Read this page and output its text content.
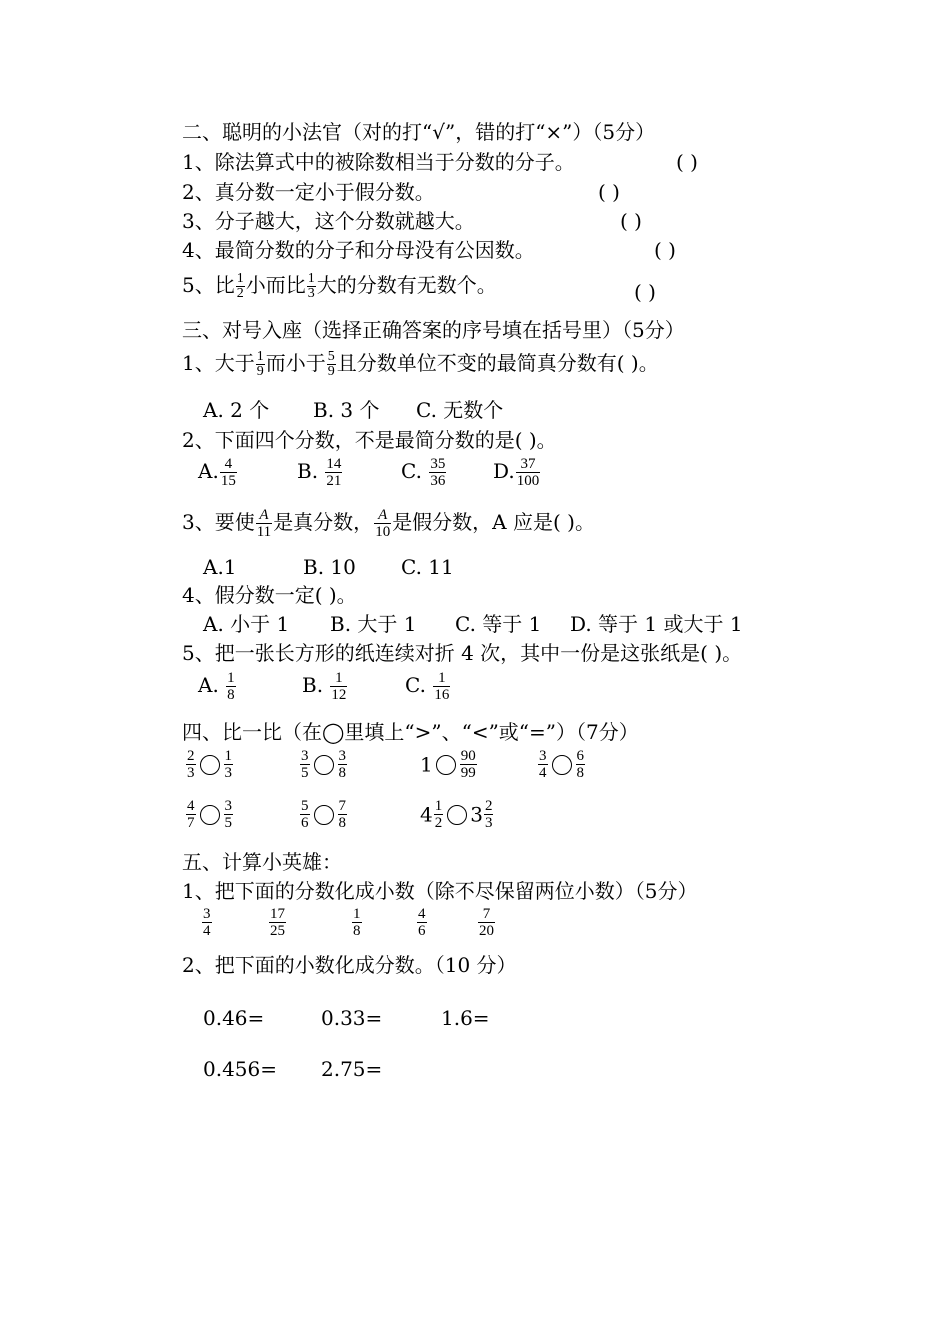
二、聪明的小法官（对的打“√”，错的打“×”）（5分）
1、除法算式中的被除数相当于分数的分子。	( )
2、真分数一定小于假分数。	( )
3、分子越大，这个分数就越大。	( )
4、最简分数的分子和分母没有公因数。	( )
5、比 $\frac{1}{2}$ 小而比 $\frac{1}{3}$ 大的分数有无数个。	( )
三、对号入座（选择正确答案的序号填在括号里）（5分）
1、大于 $\frac{1}{9}$ 而小于 $\frac{5}{9}$ 且分数单位不变的最简真分数有( )。
A. 2 个 B. 3 个 C. 无数个
2、下面四个分数，不是最简分数的是( )。
A. $\frac{4}{15}$	B. $\frac{14}{21}$	C. $\frac{35}{36} D$. $\frac{37}{100}$
3、要使 $\frac{A}{11}$ 是真分数， $\frac{A}{10}$ 是假分数，A 应是( )。
A.1	B. 10 C. 11
4、假分数一定( )。
A. 小于 1 B. 大于 1 C. 等于 1 D. 等于 1 或大于 1
5、把一张长方形的纸连续对折 4 次，其中一份是这张纸是( )。
A. $\frac{1}{8}$	B. $\frac{1}{12}$	C. $\frac{1}{16}$
四、比一比（在◯里填上“>”、“<”或“=”）（7分）
$\frac{2}{3} \frac{1}{3}$	$\frac{3}{5} \frac{3}{8}$	$1 \frac{90}{99}$	$\frac{3}{4} \frac{6}{8}$
$\frac{4}{7} \frac{3}{5}$	$\frac{5}{6} \frac{7}{8}$	$4 \frac{1}{2} 3 \frac{2}{3}$
五、计算小英雄：
1、把下面的分数化成小数（除不尽保留两位小数）（5分）
$\frac{3}{4}$	$\frac{17}{25}$	$\frac{1}{8}$	$\frac{4}{6}$	$\frac{7}{20}$
2、把下面的小数化成分数。（10 分）
0.46=	0.33=	1.6=
0.456= 2.75=
